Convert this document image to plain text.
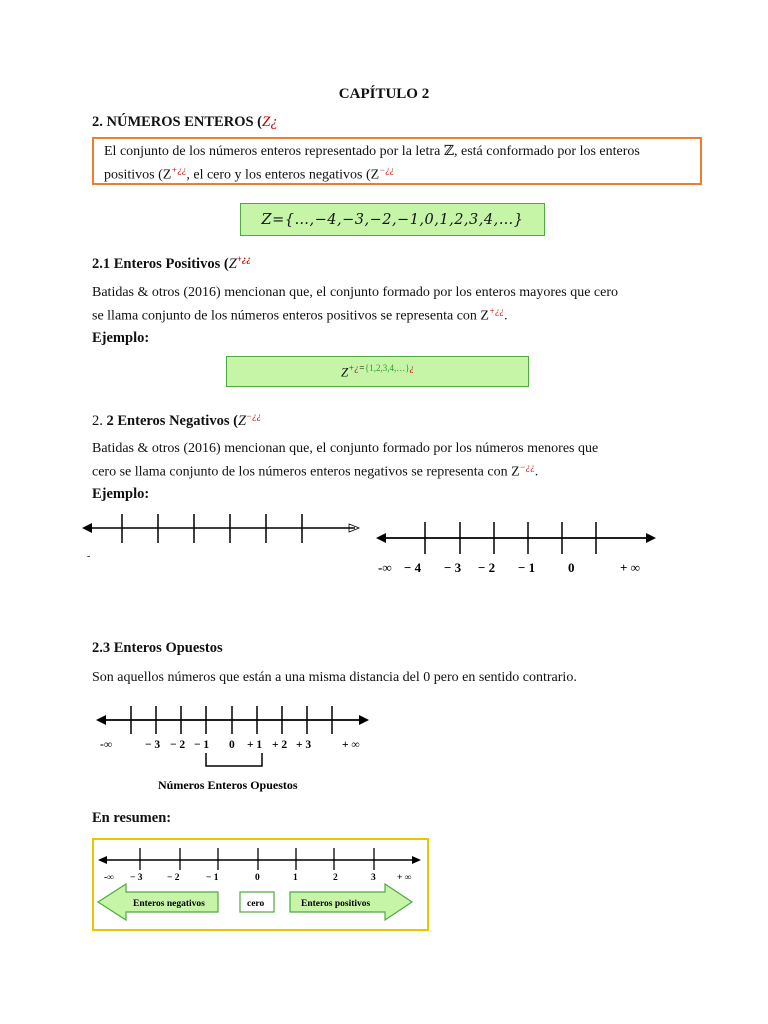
CAPÍTULO 2
2. NÚMEROS ENTEROS (Z¿
El conjunto de los números enteros representado por la letra ℤ, está conformado por los enteros
positivos (Z+¿¿, el cero y los enteros negativos (Z−¿¿
Z={…,−4,−3,−2,−1,0,1,2,3,4,…}
2.1 Enteros Positivos (Z+¿¿
Batidas & otros (2016) mencionan que, el conjunto formado por los enteros mayores que cero
se llama conjunto de los números enteros positivos se representa con Z+¿¿.
Ejemplo:
$Z^{+¿=\{1,2,3,4,\dots\}¿}$
2. 2 Enteros Negativos (Z−¿¿
Batidas & otros (2016) mencionan que, el conjunto formado por los números menores que
cero se llama conjunto de los números enteros negativos se representa con Z−¿¿.
Ejemplo:
-
-∞ − 4 − 3 − 2 − 1	0	+ ∞
2.3 Enteros Opuestos
Son aquellos números que están a una misma distancia del 0 pero en sentido contrario.
-∞	− 3 − 2 − 1 0 + 1 + 2 + 3	+ ∞
Números Enteros Opuestos
En resumen:
-∞ − 3	− 2	− 1	0	1	2	3 + ∞
Enteros negativos	cero	Enteros positivos
